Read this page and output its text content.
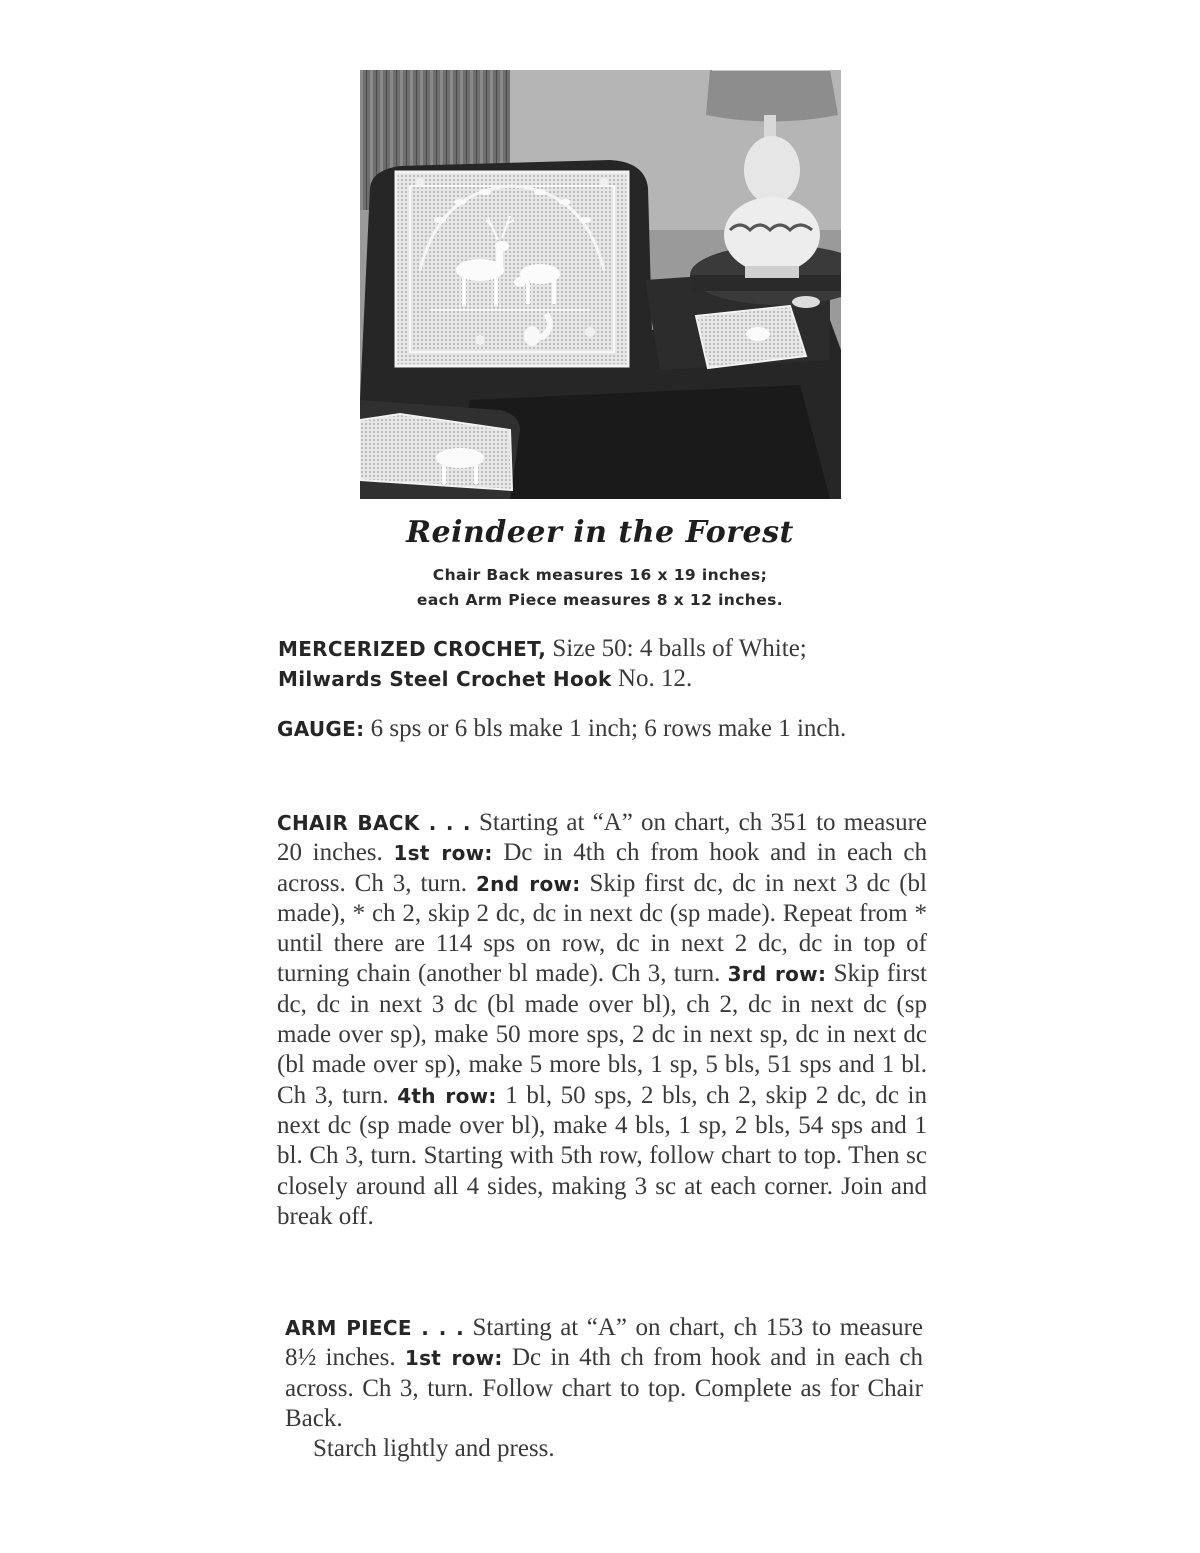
Reindeer in the Forest
Chair Back measures 16 x 19 inches;
each Arm Piece measures 8 x 12 inches.
MERCERIZED CROCHET, Size 50: 4 balls of White;
Milwards Steel Crochet Hook No. 12.
GAUGE: 6 sps or 6 bls make 1 inch; 6 rows make 1 inch.
CHAIR BACK . . . Starting at “A” on chart, ch 351 to measure 20 inches. 1st row: Dc in 4th ch from hook and in each ch across. Ch 3, turn. 2nd row: Skip first dc, dc in next 3 dc (bl made), * ch 2, skip 2 dc, dc in next dc (sp made). Repeat from * until there are 114 sps on row, dc in next 2 dc, dc in top of turning chain (another bl made). Ch 3, turn. 3rd row: Skip first dc, dc in next 3 dc (bl made over bl), ch 2, dc in next dc (sp made over sp), make 50 more sps, 2 dc in next sp, dc in next dc (bl made over sp), make 5 more bls, 1 sp, 5 bls, 51 sps and 1 bl. Ch 3, turn. 4th row: 1 bl, 50 sps, 2 bls, ch 2, skip 2 dc, dc in next dc (sp made over bl), make 4 bls, 1 sp, 2 bls, 54 sps and 1 bl. Ch 3, turn. Starting with 5th row, follow chart to top. Then sc closely around all 4 sides, making 3 sc at each corner. Join and break off.
ARM PIECE . . . Starting at “A” on chart, ch 153 to measure 8½ inches. 1st row: Dc in 4th ch from hook and in each ch across. Ch 3, turn. Follow chart to top. Complete as for Chair Back.
Starch lightly and press.
